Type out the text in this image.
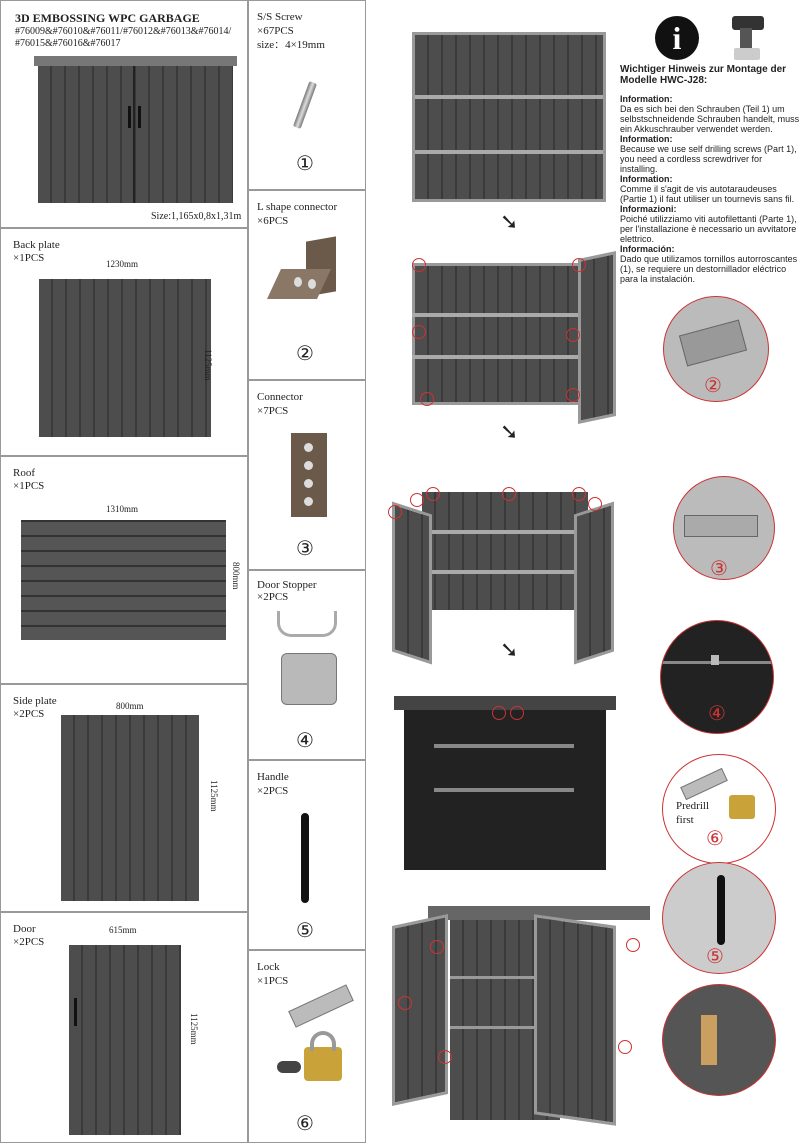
3D EMBOSSING WPC GARBAGE
#76009&#76010&#76011/#76012&#76013&#76014/
#76015&#76016&#76017
Size:1,165x0,8x1,31m
Back plate
×1PCS	1230mm
1125mm
Roof
×1PCS
1310mm
800mm
Side plate
×2PCS
800mm
1125mm
Door
×2PCS
615mm
1125mm
S/S Screw
×67PCS
size：4×19mm
①
L shape connector
×6PCS
②
Connector
×7PCS
③
Door Stopper
×2PCS
④
Handle
×2PCS
⑤
Lock
×1PCS
⑥
➘
②
➘
③
➘
④
➘
Predrill
first
⑥
⑤
i
Wichtiger Hinweis zur Montage der Modelle HWC-J28:
Information:
Da es sich bei den Schrauben (Teil 1) um selbstschneidende Schrauben handelt, muss ein Akkuschrauber verwendet werden.
Information:
Because we use self drilling screws (Part 1), you need a cordless screwdriver for installing.
Information:
Comme il s'agit de vis autotaraudeuses (Partie 1) il faut utiliser un tournevis sans fil.
Informazioni:
Poiché utilizziamo viti autofilettanti (Parte 1), per l'installazione è necessario un avvitatore elettrico.
Información:
Dado que utilizamos tornillos autorroscantes (1), se requiere un destornillador eléctrico para la instalación.
